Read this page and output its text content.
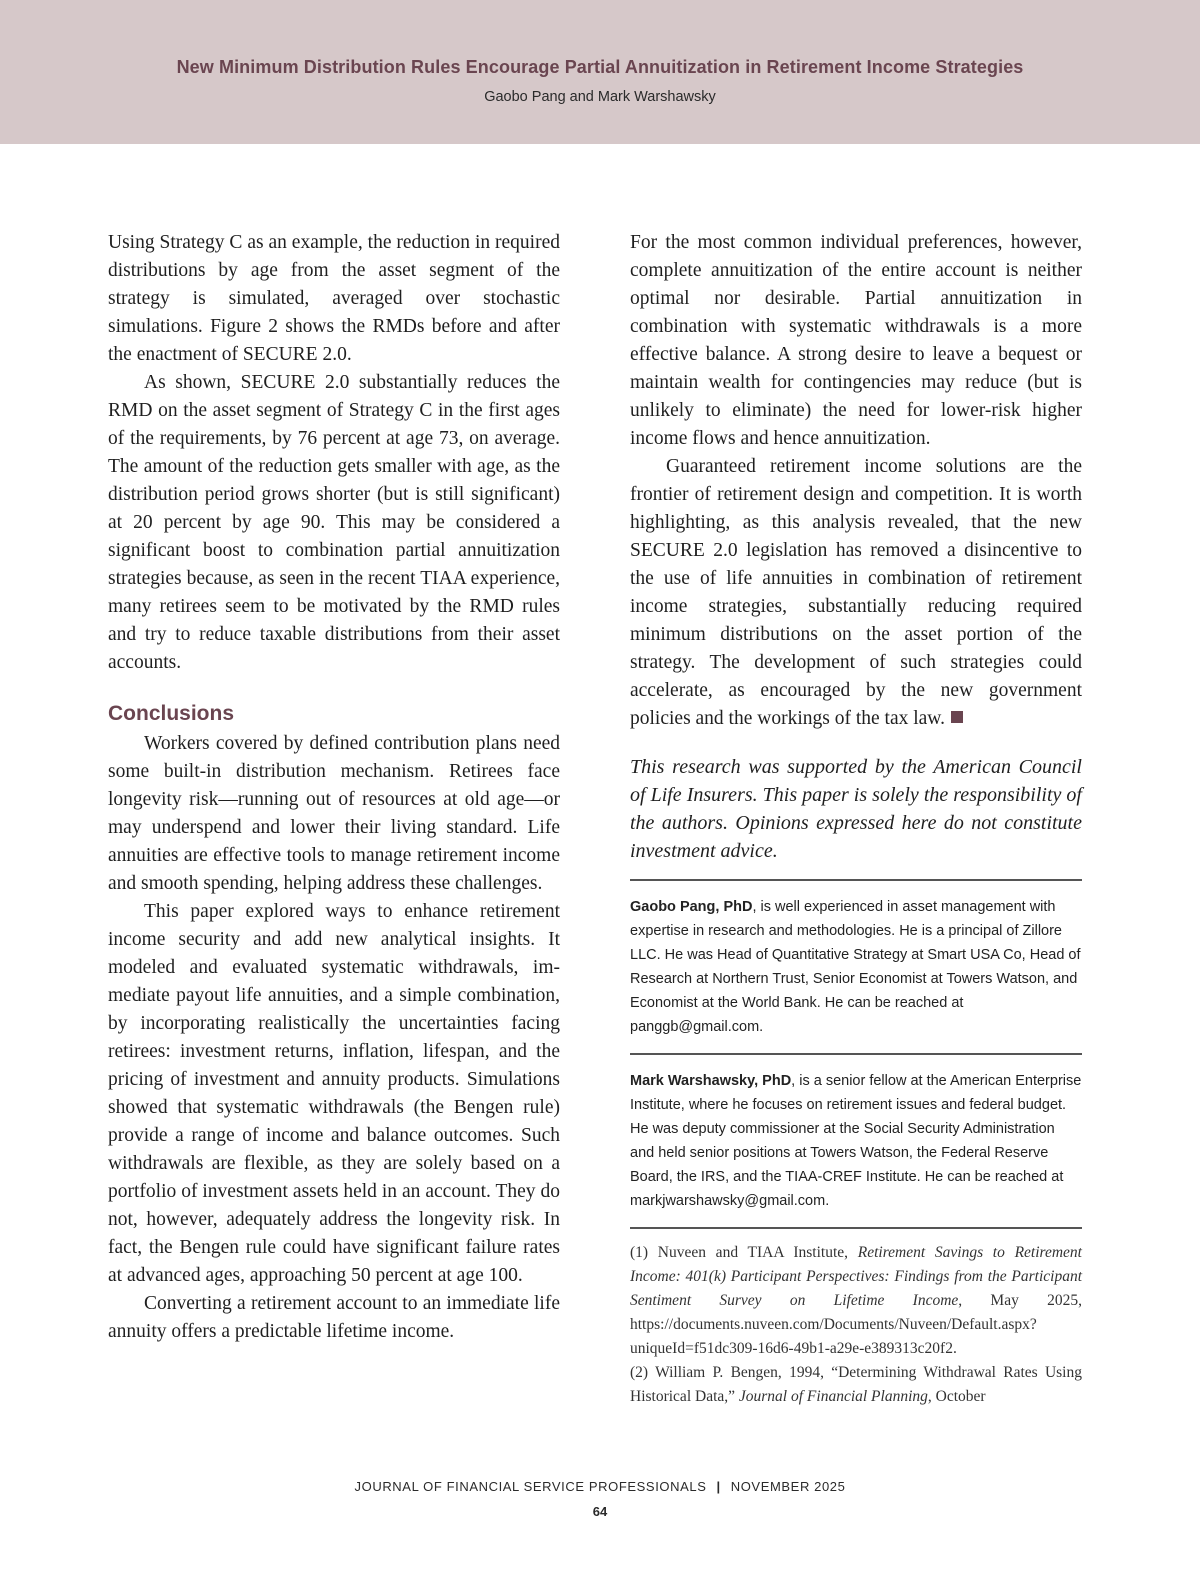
New Minimum Distribution Rules Encourage Partial Annuitization in Retirement Income Strategies
Gaobo Pang and Mark Warshawsky

Using Strategy C as an example, the reduction in required distributions by age from the asset segment of the strategy is simulated, averaged over stochastic simulations. Figure 2 shows the RMDs before and after the enactment of SECURE 2.0.

As shown, SECURE 2.0 substantially reduces the RMD on the asset segment of Strategy C in the first ages of the requirements, by 76 percent at age 73, on average. The amount of the reduction gets smaller with age, as the distribution period grows shorter (but is still significant) at 20 percent by age 90. This may be considered a significant boost to combination partial annuitization strategies because, as seen in the recent TIAA experience, many retirees seem to be motivated by the RMD rules and try to reduce taxable distributions from their asset accounts.

Conclusions

Workers covered by defined contribution plans need some built-in distribution mechanism. Retirees face longevity risk—running out of resources at old age—or may underspend and lower their living standard. Life annuities are effective tools to manage retirement income and smooth spending, helping address these challenges.

This paper explored ways to enhance retirement income security and add new analytical insights. It modeled and evaluated systematic withdrawals, immediate payout life annuities, and a simple combination, by incorporating realistically the uncertainties facing retirees: investment returns, inflation, lifespan, and the pricing of investment and annuity products. Simulations showed that systematic withdrawals (the Bengen rule) provide a range of income and balance outcomes. Such withdrawals are flexible, as they are solely based on a portfolio of investment assets held in an account. They do not, however, adequately address the longevity risk. In fact, the Bengen rule could have significant failure rates at advanced ages, approaching 50 percent at age 100.

Converting a retirement account to an immediate life annuity offers a predictable lifetime income.

For the most common individual preferences, however, complete annuitization of the entire account is neither optimal nor desirable. Partial annuitization in combination with systematic withdrawals is a more effective balance. A strong desire to leave a bequest or maintain wealth for contingencies may reduce (but is unlikely to eliminate) the need for lower-risk higher income flows and hence annuitization.

Guaranteed retirement income solutions are the frontier of retirement design and competition. It is worth highlighting, as this analysis revealed, that the new SECURE 2.0 legislation has removed a disincentive to the use of life annuities in combination of retirement income strategies, substantially reducing required minimum distributions on the asset portion of the strategy. The development of such strategies could accelerate, as encouraged by the new government policies and the workings of the tax law.

This research was supported by the American Council of Life Insurers. This paper is solely the responsibility of the authors. Opinions expressed here do not constitute investment advice.

Gaobo Pang, PhD, is well experienced in asset management with expertise in research and methodologies. He is a principal of Zillore LLC. He was Head of Quantitative Strategy at Smart USA Co, Head of Research at Northern Trust, Senior Economist at Towers Watson, and Economist at the World Bank. He can be reached at panggb@gmail.com.

Mark Warshawsky, PhD, is a senior fellow at the American Enterprise Institute, where he focuses on retirement issues and federal budget. He was deputy commissioner at the Social Security Administration and held senior positions at Towers Watson, the Federal Reserve Board, the IRS, and the TIAA-CREF Institute. He can be reached at markjwarshawsky@gmail.com.

(1) Nuveen and TIAA Institute, Retirement Savings to Retirement Income: 401(k) Participant Perspectives: Findings from the Participant Sentiment Survey on Lifetime Income, May 2025, https://documents.nuveen.com/Documents/Nuveen/Default.aspx?uniqueId=f51dc309-16d6-49b1-a29e-e389313c20f2.

(2) William P. Bengen, 1994, “Determining Withdrawal Rates Using Historical Data,” Journal of Financial Planning, October

JOURNAL OF FINANCIAL SERVICE PROFESSIONALS | NOVEMBER 2025
64
